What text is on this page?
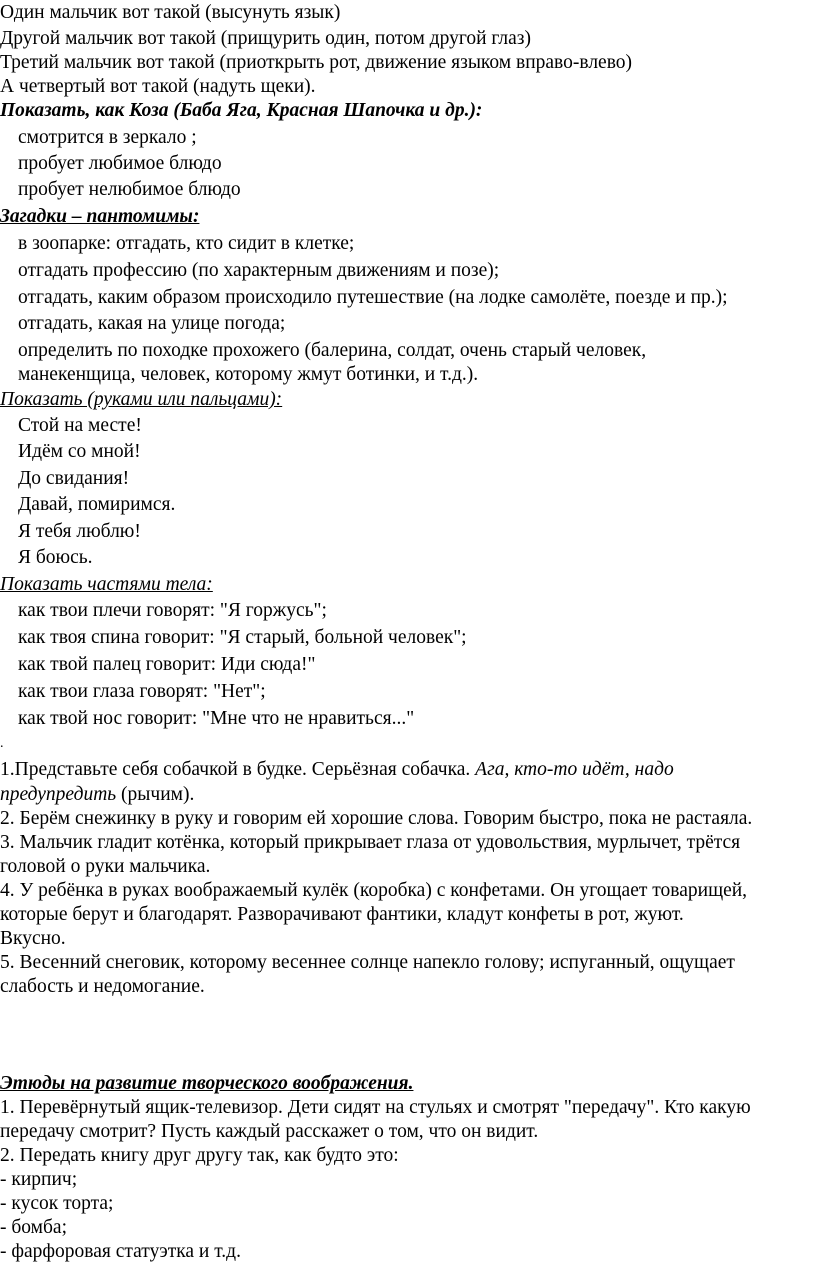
Один мальчик вот такой (высунуть язык)
Другой мальчик вот такой (прищурить один, потом другой глаз)
Третий мальчик вот такой (приоткрыть рот, движение языком вправо-влево)
А четвертый вот такой (надуть щеки).
Показать, как Коза (Баба Яга, Красная Шапочка и др.):
смотрится в зеркало ;
пробует любимое блюдо
пробует нелюбимое блюдо
Загадки – пантомимы:
в зоопарке: отгадать, кто сидит в клетке;
отгадать профессию (по характерным движениям и позе);
отгадать, каким образом происходило путешествие (на лодке самолёте, поезде и пр.);
отгадать, какая на улице погода;
определить по походке прохожего (балерина, солдат, очень старый человек,
манекенщица, человек, которому жмут ботинки, и т.д.).
Показать (руками или пальцами):
Стой на месте!
Идём со мной!
До свидания!
Давай, помиримся.
Я тебя люблю!
Я боюсь.
Показать частями тела:
как твои плечи говорят: "Я горжусь";
как твоя спина говорит: "Я старый, больной человек";
как твой палец говорит: Иди сюда!"
как твои глаза говорят: "Нет";
как твой нос говорит: "Мне что не нравиться..."
.
1.Представьте себя собачкой в будке. Серьёзная собачка. Ага, кто-то идёт, надо
предупредить (рычим).
2. Берём снежинку в руку и говорим ей хорошие слова. Говорим быстро, пока не растаяла.
3. Мальчик гладит котёнка, который прикрывает глаза от удовольствия, мурлычет, трётся
головой о руки мальчика.
4. У ребёнка в руках воображаемый кулёк (коробка) с конфетами. Он угощает товарищей,
которые берут и благодарят. Разворачивают фантики, кладут конфеты в рот, жуют.
Вкусно.
5. Весенний снеговик, которому весеннее солнце напекло голову; испуганный, ощущает
слабость и недомогание.
Этюды на развитие творческого воображения.
1. Перевёрнутый ящик-телевизор. Дети сидят на стульях и смотрят "передачу". Кто какую
передачу смотрит? Пусть каждый расскажет о том, что он видит.
2. Передать книгу друг другу так, как будто это:
- кирпич;
- кусок торта;
- бомба;
- фарфоровая статуэтка и т.д.
